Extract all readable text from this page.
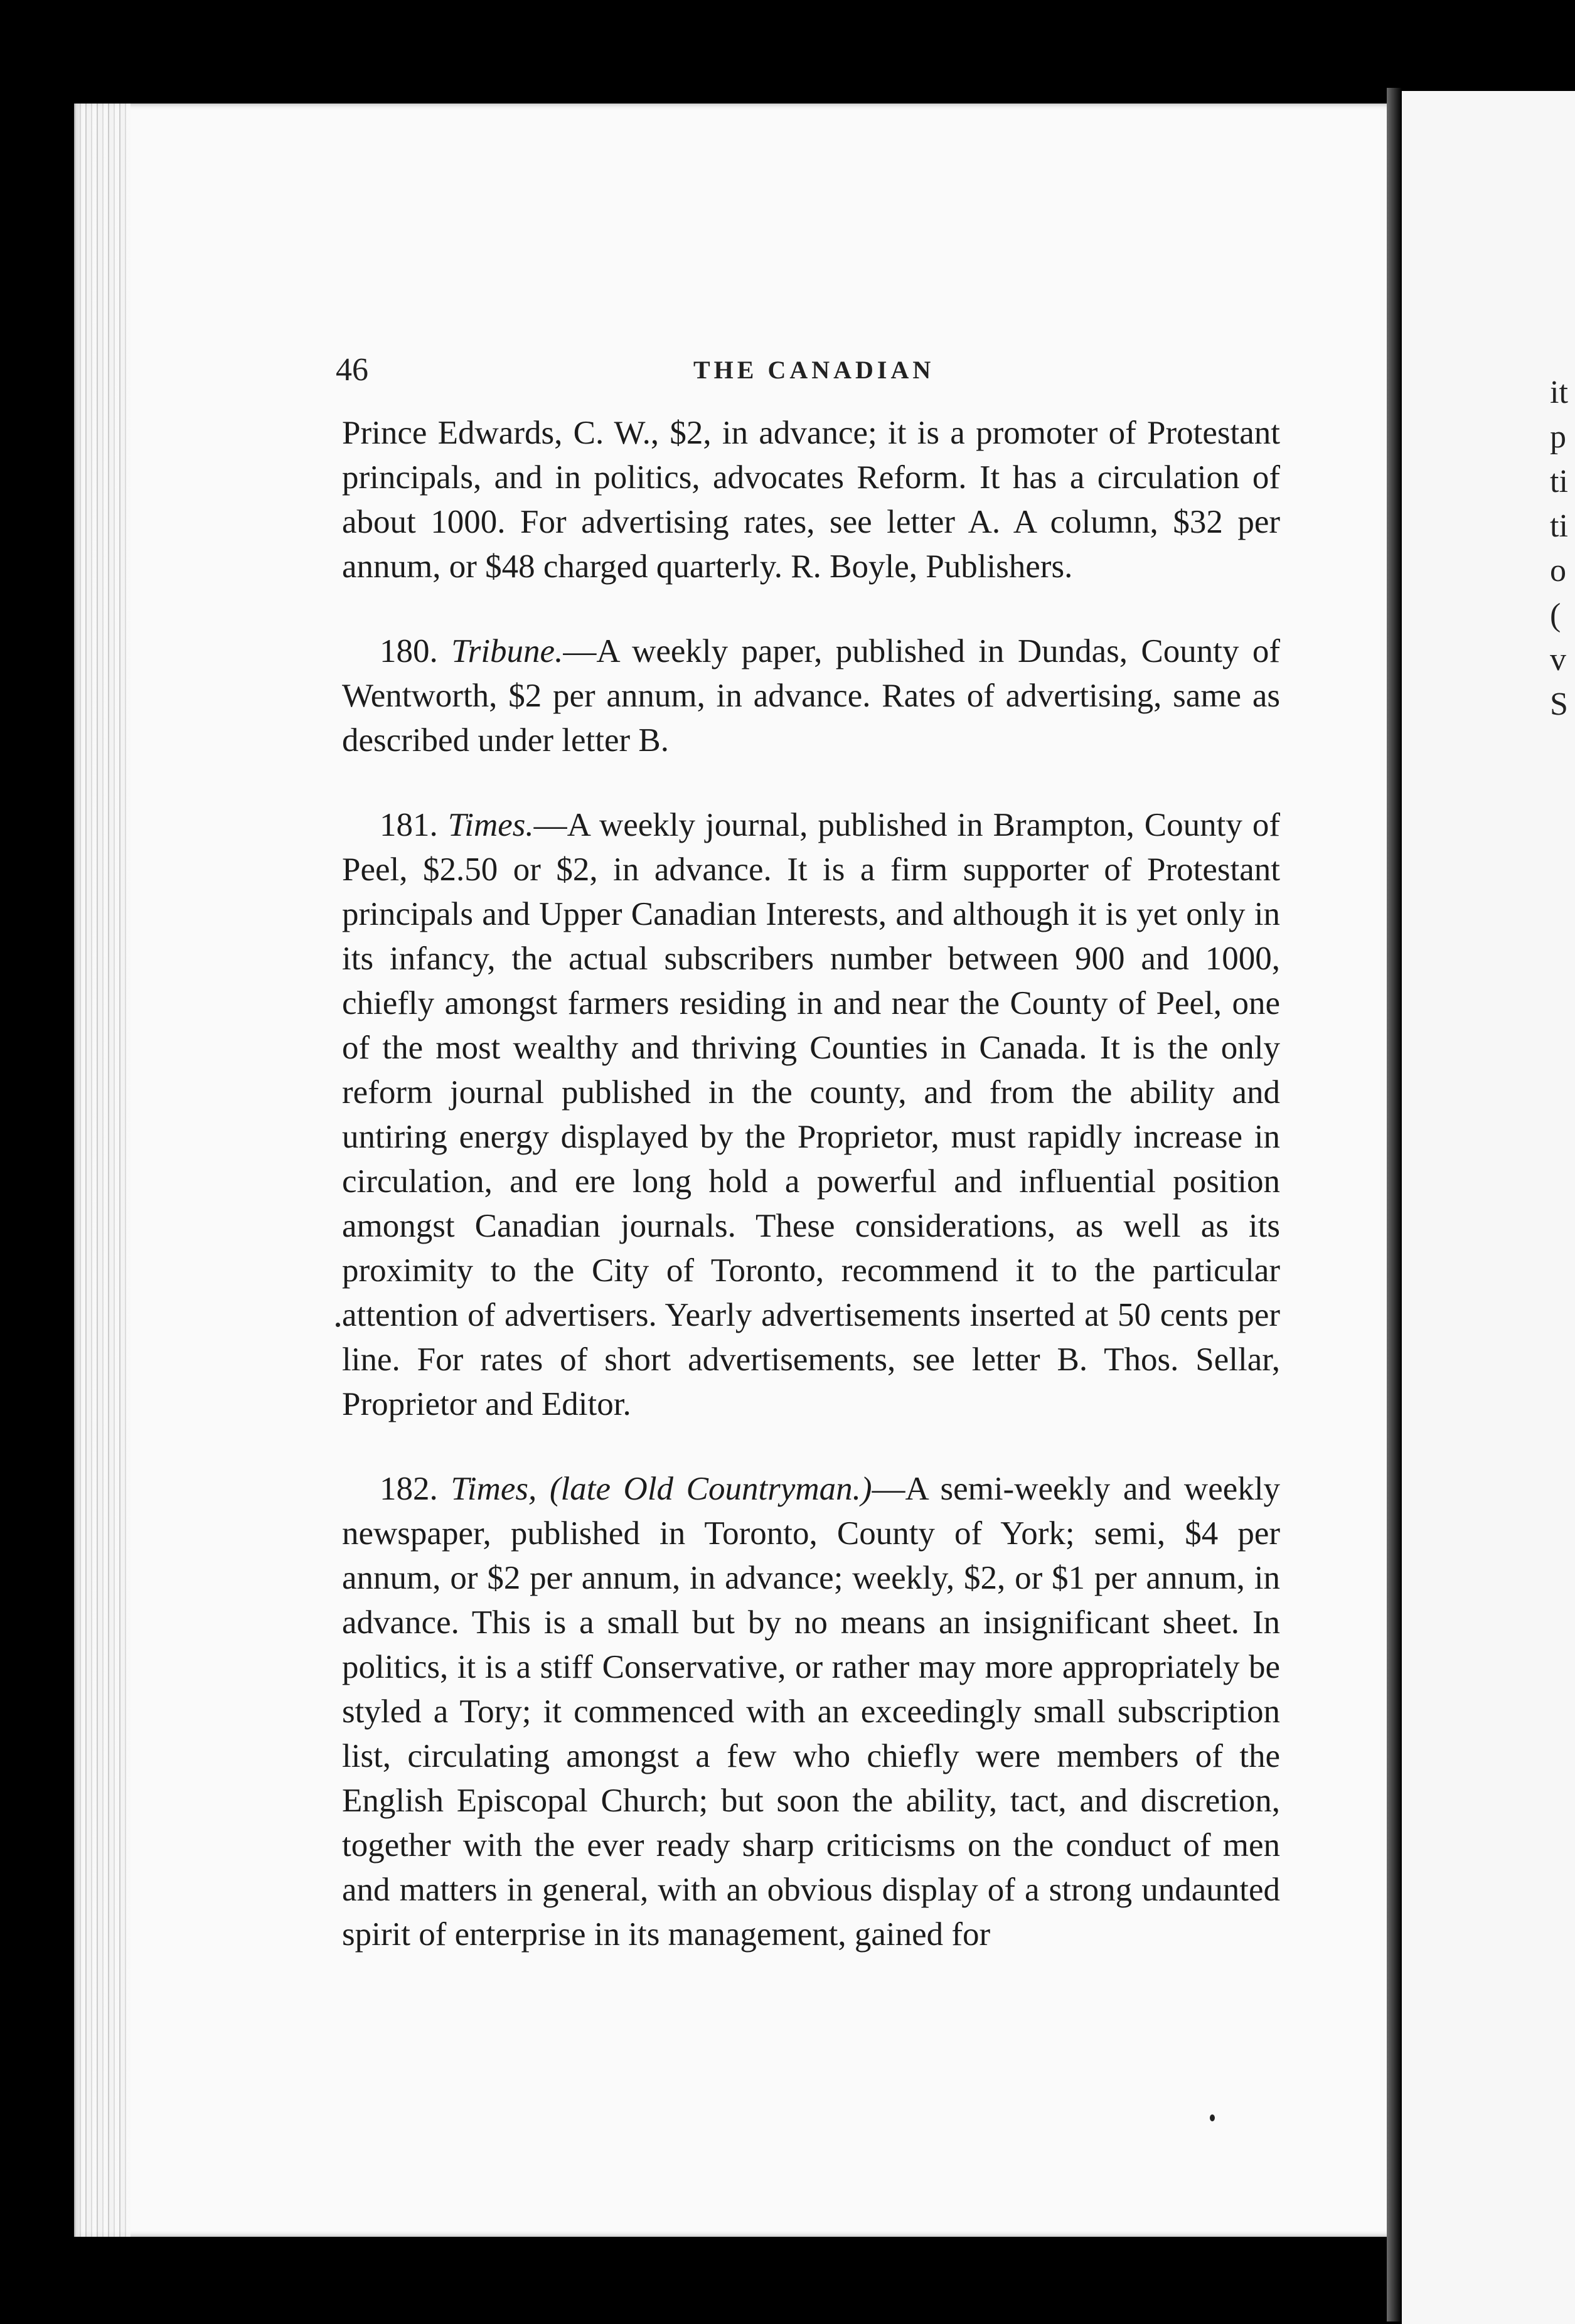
it
p
ti
ti
o
(
v
S
46	THE CANADIAN

Prince Edwards, C. W., $2, in advance; it is a promoter of Protestant principals, and in politics, advocates Reform. It has a circulation of about 1000. For advertising rates, see letter A. A column, $32 per annum, or $48 charged quarterly. R. Boyle, Publishers.

180. Tribune.—A weekly paper, published in Dundas, County of Wentworth, $2 per annum, in advance. Rates of advertising, same as described under letter B.

181. Times.—A weekly journal, published in Brampton, County of Peel, $2.50 or $2, in advance. It is a firm supporter of Protestant principals and Upper Canadian Interests, and although it is yet only in its infancy, the actual subscribers number between 900 and 1000, chiefly amongst farmers residing in and near the County of Peel, one of the most wealthy and thriving Counties in Canada. It is the only reform journal published in the county, and from the ability and untiring energy displayed by the Proprietor, must rapidly increase in circulation, and ere long hold a powerful and influential position amongst Canadian journals. These considerations, as well as its proximity to the City of Toronto, recommend it to the particular attention of advertisers. Yearly advertisements inserted at 50 cents per line. For rates of short advertisements, see letter B. Thos. Sellar, Proprietor and Editor.

182. Times, (late Old Countryman.)—A semi-weekly and weekly newspaper, published in Toronto, County of York; semi, $4 per annum, or $2 per annum, in advance; weekly, $2, or $1 per annum, in advance. This is a small but by no means an insignificant sheet. In politics, it is a stiff Conservative, or rather may more appropriately be styled a Tory; it commenced with an exceedingly small subscription list, circulating amongst a few who chiefly were members of the English Episcopal Church; but soon the ability, tact, and discretion, together with the ever ready sharp criticisms on the conduct of men and matters in general, with an obvious display of a strong undaunted spirit of enterprise in its management, gained for
